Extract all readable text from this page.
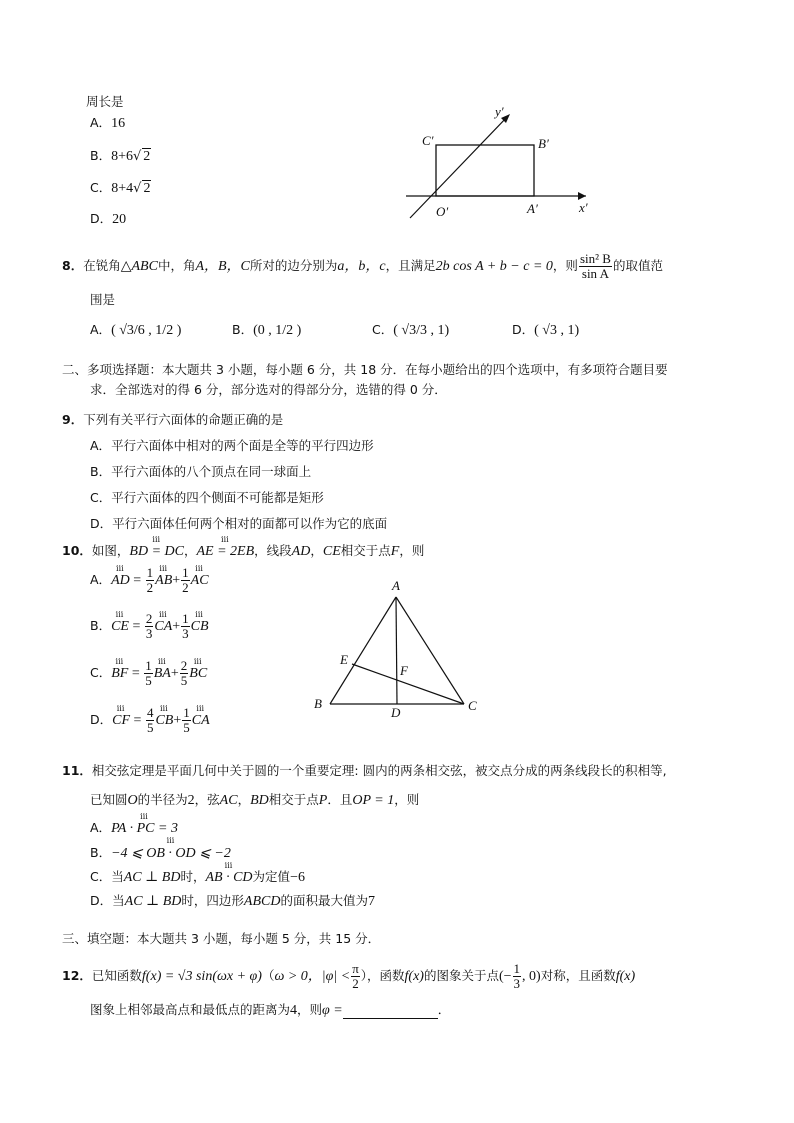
周长是
A．16
B．8+6√ 2
C．8+4√ 2
D．20
C′	B′
O′	A′	x′
y′
8．在锐角△ABC中，角A，B，C所对的边分别为a，b，c，且满足2b cos A + b − c = 0，则 $\frac{\text{sin² B}}{\text{sin A}}$ 的取值范
围是
A．( √3/6 , 1/2 )	B．(0 , 1/2 )	C．( √3/3 , 1)	D．( √3 , 1)
二、多项选择题：本大题共 3 小题，每小题 6 分，共 18 分．在每小题给出的四个选项中，有多项符合题目要
求．全部选对的得 6 分，部分选对的得部分分，选错的得 0 分．
9．下列有关平行六面体的命题正确的是
A．平行六面体中相对的两个面是全等的平行四边形
B．平行六面体的八个顶点在同一球面上
C．平行六面体的四个侧面不可能都是矩形
D．平行六面体任何两个相对的面都可以作为它的底面
10．如图，ⅲ BD = DC，ⅲ AE = 2EB，线段AD，CE相交于点F，则
A．ⅲ AD = $\frac{1}{2}$ ⅲ $AB+ \frac{1}{2}$ ⅲ AC
B．ⅲ CE = $\frac{2}{3}$ ⅲ $CA+ \frac{1}{3}$ ⅲ CB
C．ⅲ BF = $\frac{1}{5}$ ⅲ $BA+ \frac{2}{5}$ ⅲ BC
D．ⅲ CF = $\frac{4}{5}$ ⅲ $CB+ \frac{1}{5}$ ⅲ CA
A
B	C
D
E
F
11．相交弦定理是平面几何中关于圆的一个重要定理: 圆内的两条相交弦，被交点分成的两条线段长的积相等,
已知圆O的半径为2，弦AC，BD相交于点P．且OP = 1，则
A．ⅲ PA · PC = 3
B．ⅲ −4 ⩽ OB · OD ⩽ −2
C．当AC ⊥ BD时，ⅲ AB · CD为定值−6
D．当AC ⊥ BD时，四边形ABCD的面积最大值为7
三、填空题：本大题共 3 小题，每小题 5 分，共 15 分．
12．已知函数f(x) = √3 sin(ωx + φ)（ω > 0，$|\varphi| < \frac{\pi}{2}$ ），函数f(x)的图象关于点(− $\frac{1}{3}$ , 0)对称，且函数f(x)
图象上相邻最高点和最低点的距离为4，则φ =	．
